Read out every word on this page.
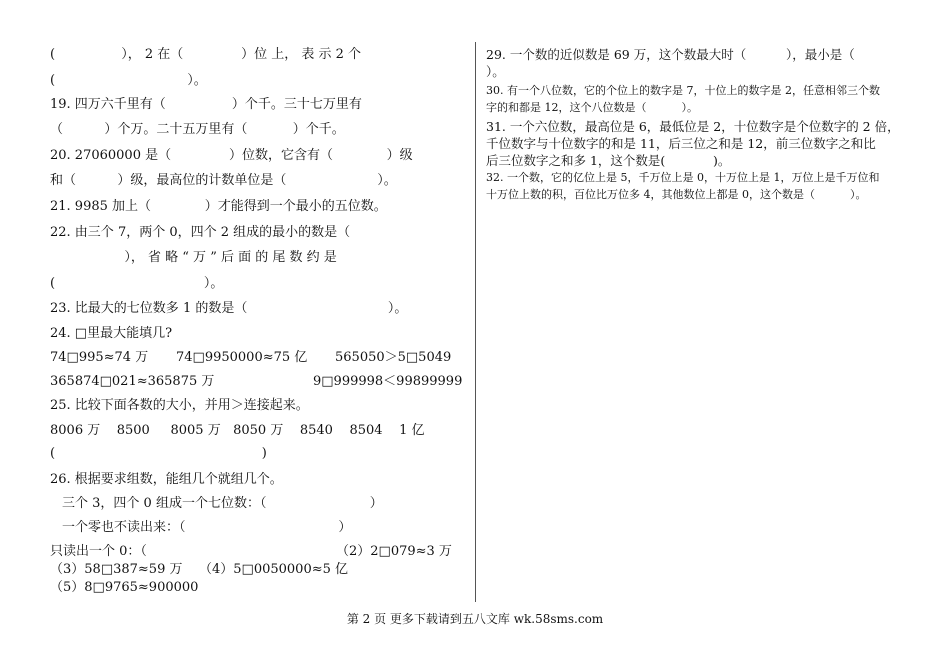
(                ）， 2 在（              ）位 上， 表 示 2 个
(                                ）。
19. 四万六千里有（                ）个千。三十七万里有
（          ）个万。二十五万里有（           ）个千。
20. 27060000 是（              ）位数，它含有（             ）级
和（          ）级，最高位的计数单位是（                      ）。
21. 9985 加上（             ）才能得到一个最小的五位数。
22. 由三个 7，两个 0，四个 2 组成的最小的数是（
）， 省 略 “ 万 ” 后 面 的 尾 数 约 是
(                                    ）。
23. 比最大的七位数多 1 的数是（                                  ）。
24. □里最大能填几?
74□995≈74 万 74□9950000≈75 亿 565050＞5□5049
365874□021≈365875 万	9□999998＜99899999
25. 比较下面各数的大小，并用＞连接起来。
8006 万    8500     8005 万   8050 万    8540    8504    1 亿
(                                                  )
26. 根据要求组数，能组几个就组几个。
三个 3，四个 0 组成一个七位数：（                         ）
一个零也不读出来：（                                     ）
只读出一个 0：（	（2）2□079≈3 万
（3）58□387≈59 万    （4）5□0050000≈5 亿
（5）8□9765≈900000
29. 一个数的近似数是 69 万，这个数最大时（          ），最小是（
）。
30. 有一个八位数，它的个位上的数字是 7，十位上的数字是 2，任意相邻三个数
字的和都是 12，这个八位数是（          ）。
31. 一个六位数，最高位是 6，最低位是 2，十位数字是个位数字的 2 倍，
千位数字与十位数字的和是 11，后三位之和是 12，前三位数字之和比
后三位数字之和多 1，这个数是(            )。
32. 一个数，它的亿位上是 5，千万位上是 0，十万位上是 1，万位上是千万位和
十万位上数的积，百位比万位多 4，其他数位上都是 0，这个数是（          ）。
第 2 页 更多下载请到五八文库 wk.58sms.com
